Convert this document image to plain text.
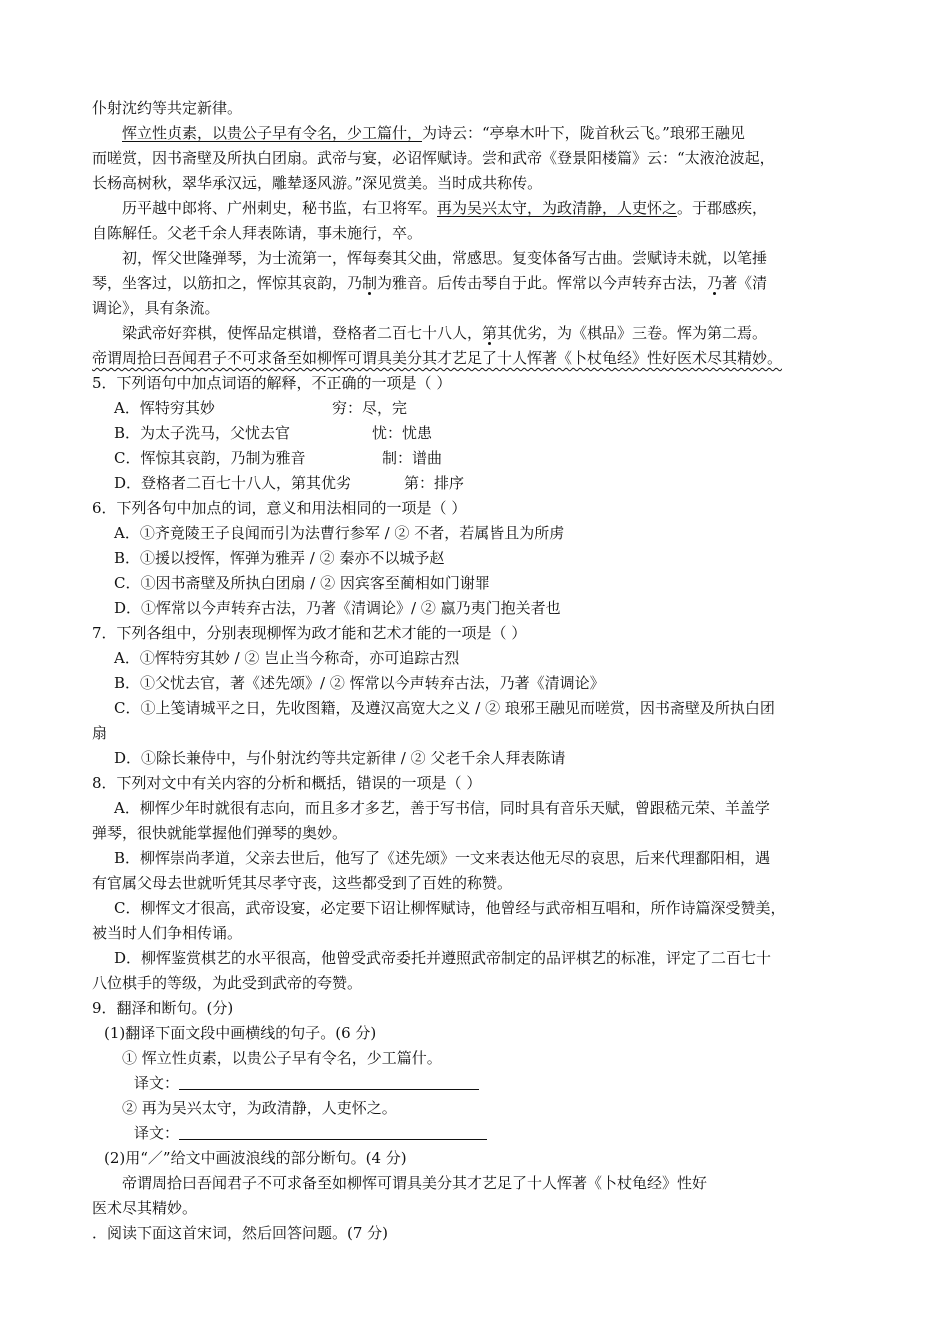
仆射沈约等共定新律。
恽立性贞素，以贵公子早有令名，少工篇什，为诗云：“亭皋木叶下，陇首秋云飞。”琅邪王融见
而嗟赏，因书斋壁及所执白团扇。武帝与宴，必诏恽赋诗。尝和武帝《登景阳楼篇》云：“太液沧波起，
长杨高树秋，翠华承汉远，雕辇逐风游。”深见赏美。当时成共称传。
历平越中郎将、广州刺史，秘书监，右卫将军。再为吴兴太守，为政清静，人吏怀之。于郡感疾，
自陈解任。父老千余人拜表陈请，事未施行，卒。
初，恽父世隆弹琴，为士流第一，恽每奏其父曲，常感思。复变体备写古曲。尝赋诗未就，以笔捶
琴，坐客过，以筋扣之，恽惊其哀韵，乃制为雅音。后传击琴自于此。恽常以今声转弃古法，乃著《清
调论》，具有条流。
梁武帝好弈棋，使恽品定棋谱，登格者二百七十八人，第其优劣，为《棋品》三卷。恽为第二焉。
帝谓周拾曰吾闻君子不可求备至如柳恽可谓具美分其才艺足了十人恽著《卜杖龟经》性好医术尽其精妙。
5．下列语句中加点词语的解释，不正确的一项是（ ）
A．恽特穷其妙	穷：尽，完
B．为太子洗马，父忧去官	忧：忧患
C．恽惊其哀韵，乃制为雅音	制：谱曲
D．登格者二百七十八人，第其优劣	第：排序
6．下列各句中加点的词，意义和用法相同的一项是（ ）
A．①齐竟陵王子良闻而引为法曹行参军 / ② 不者，若属皆且为所虏
B．①援以授恽，恽弹为雅弄 / ② 秦亦不以城予赵
C．①因书斋壁及所执白团扇 / ② 因宾客至蔺相如门谢罪
D．①恽常以今声转弃古法，乃著《清调论》/ ② 嬴乃夷门抱关者也
7．下列各组中，分别表现柳恽为政才能和艺术才能的一项是（ ）
A．①恽特穷其妙 / ② 岂止当今称奇，亦可追踪古烈
B．①父忧去官，著《述先颂》/ ② 恽常以今声转弃古法，乃著《清调论》
C．①上笺请城平之日，先收图籍，及遵汉高宽大之义 / ② 琅邪王融见而嗟赏，因书斋壁及所执白团
扇
D．①除长兼侍中，与仆射沈约等共定新律 / ② 父老千余人拜表陈请
8．下列对文中有关内容的分析和概括，错误的一项是（ ）
A．柳恽少年时就很有志向，而且多才多艺，善于写书信，同时具有音乐天赋，曾跟嵇元荣、羊盖学
弹琴，很快就能掌握他们弹琴的奥妙。
B．柳恽崇尚孝道，父亲去世后，他写了《述先颂》一文来表达他无尽的哀思，后来代理鄱阳相，遇
有官属父母去世就听凭其尽孝守丧，这些都受到了百姓的称赞。
C．柳恽文才很高，武帝设宴，必定要下诏让柳恽赋诗，他曾经与武帝相互唱和，所作诗篇深受赞美，
被当时人们争相传诵。
D．柳恽鉴赏棋艺的水平很高，他曾受武帝委托并遵照武帝制定的品评棋艺的标准，评定了二百七十
八位棋手的等级，为此受到武帝的夸赞。
9．翻泽和断句。(分)
(1)翻译下面文段中画横线的句子。(6 分)
① 恽立性贞素，以贵公子早有令名，少工篇什。
译文：
② 再为吴兴太守，为政清静，人吏怀之。
译文：
(2)用“／”给文中画波浪线的部分断句。(4 分)
帝谓周拾曰吾闻君子不可求备至如柳恽可谓具美分其才艺足了十人恽著《卜杖龟经》性好
医术尽其精妙。
．阅读下面这首宋词，然后回答问题。(7 分)
